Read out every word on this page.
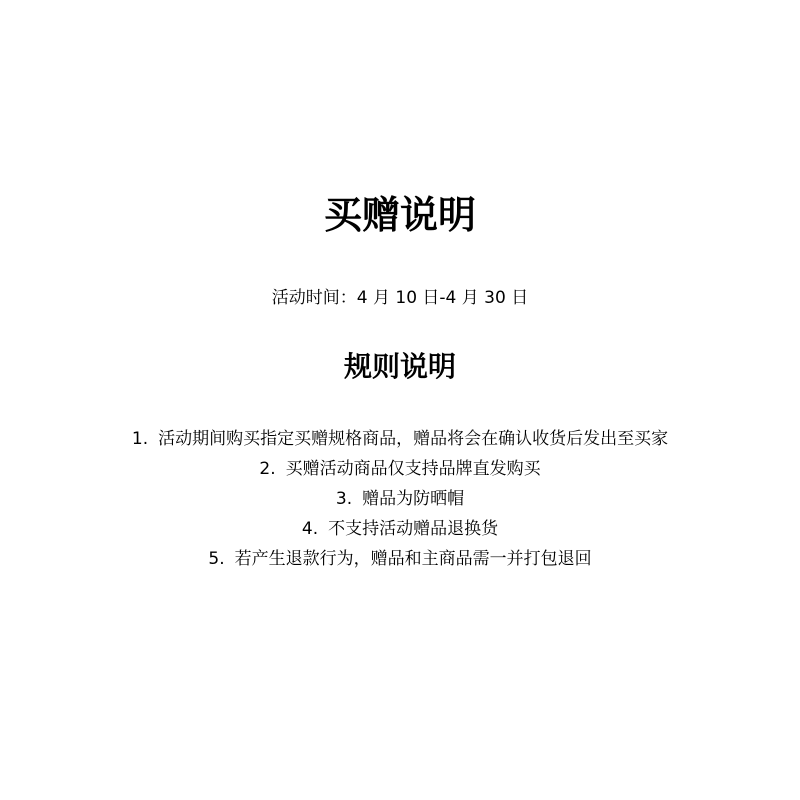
买赠说明

活动时间：4 月 10 日-4 月 30 日

规则说明
1. 活动期间购买指定买赠规格商品，赠品将会在确认收货后发出至买家
2. 买赠活动商品仅支持品牌直发购买
3. 赠品为防晒帽
4. 不支持活动赠品退换货
5. 若产生退款行为，赠品和主商品需一并打包退回
